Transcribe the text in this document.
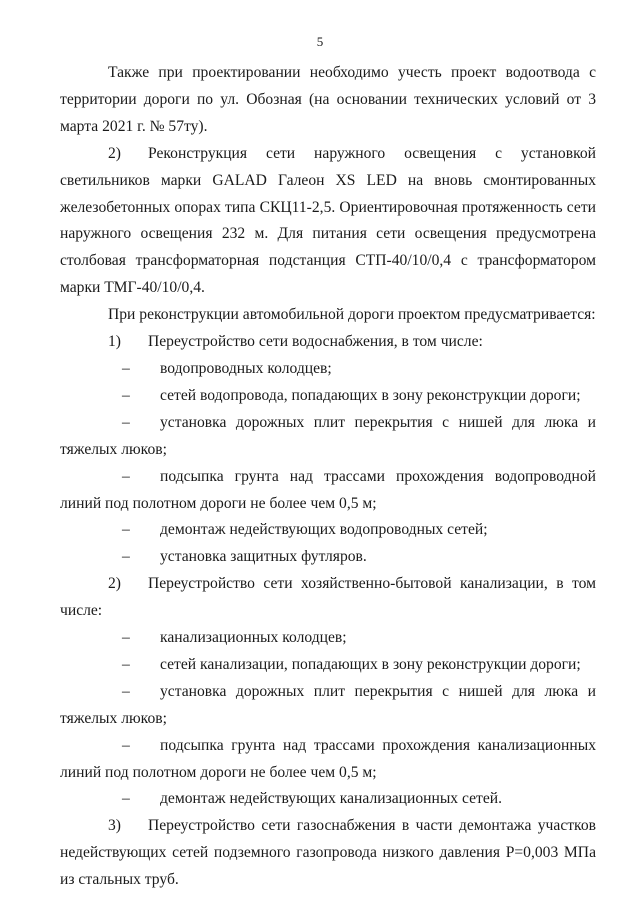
5

Также при проектировании необходимо учесть проект водоотвода с территории дороги по ул. Обозная (на основании технических условий от 3 марта 2021 г. № 57ту).

2) Реконструкция сети наружного освещения с установкой светильников марки GALAD Галеон XS LED на вновь смонтированных железобетонных опорах типа СКЦ11-2,5. Ориентировочная протяженность сети наружного освещения 232 м. Для питания сети освещения предусмотрена столбовая трансформаторная подстанция СТП-40/10/0,4 с трансформатором марки ТМГ-40/10/0,4.

При реконструкции автомобильной дороги проектом предусматривается:

1) Переустройство сети водоснабжения, в том числе:

– водопроводных колодцев;

– сетей водопровода, попадающих в зону реконструкции дороги;

– установка дорожных плит перекрытия с нишей для люка и тяжелых люков;

– подсыпка грунта над трассами прохождения водопроводной линий под полотном дороги не более чем 0,5 м;

– демонтаж недействующих водопроводных сетей;

– установка защитных футляров.

2) Переустройство сети хозяйственно-бытовой канализации, в том числе:

– канализационных колодцев;

– сетей канализации, попадающих в зону реконструкции дороги;

– установка дорожных плит перекрытия с нишей для люка и тяжелых люков;

– подсыпка грунта над трассами прохождения канализационных линий под полотном дороги не более чем 0,5 м;

– демонтаж недействующих канализационных сетей.

3) Переустройство сети газоснабжения в части демонтажа участков недействующих сетей подземного газопровода низкого давления Р=0,003 МПа из стальных труб.
